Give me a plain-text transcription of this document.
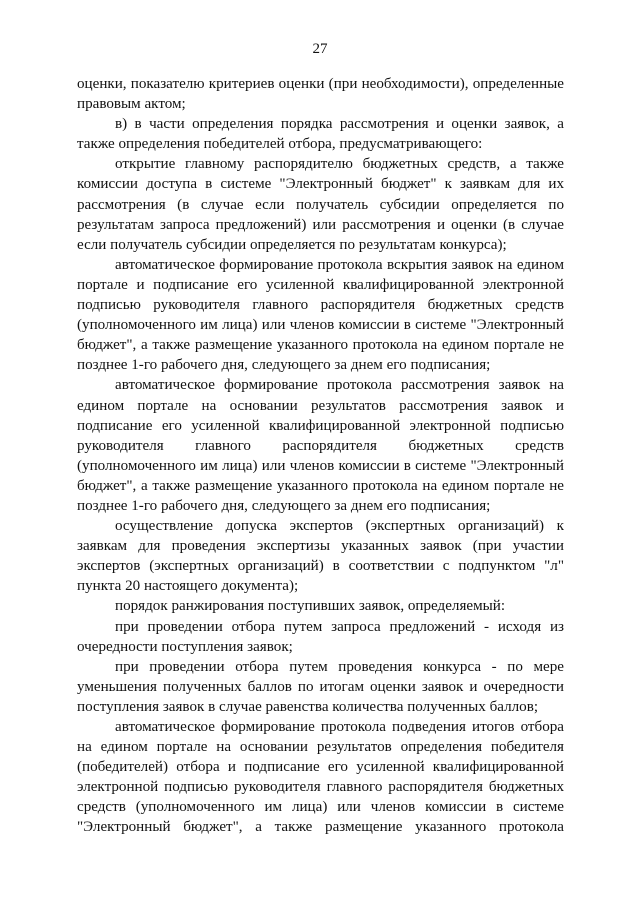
27

оценки, показателю критериев оценки (при необходимости), определенные правовым актом;

в) в части определения порядка рассмотрения и оценки заявок, а также определения победителей отбора, предусматривающего:

открытие главному распорядителю бюджетных средств, а также комиссии доступа в системе "Электронный бюджет" к заявкам для их рассмотрения (в случае если получатель субсидии определяется по результатам запроса предложений) или рассмотрения и оценки (в случае если получатель субсидии определяется по результатам конкурса);

автоматическое формирование протокола вскрытия заявок на едином портале и подписание его усиленной квалифицированной электронной подписью руководителя главного распорядителя бюджетных средств (уполномоченного им лица) или членов комиссии в системе "Электронный бюджет", а также размещение указанного протокола на едином портале не позднее 1-го рабочего дня, следующего за днем его подписания;

автоматическое формирование протокола рассмотрения заявок на едином портале на основании результатов рассмотрения заявок и подписание его усиленной квалифицированной электронной подписью руководителя главного распорядителя бюджетных средств (уполномоченного им лица) или членов комиссии в системе "Электронный бюджет", а также размещение указанного протокола на едином портале не позднее 1-го рабочего дня, следующего за днем его подписания;

осуществление допуска экспертов (экспертных организаций) к заявкам для проведения экспертизы указанных заявок (при участии экспертов (экспертных организаций) в соответствии с подпунктом "л" пункта 20 настоящего документа);

порядок ранжирования поступивших заявок, определяемый:

при проведении отбора путем запроса предложений - исходя из очередности поступления заявок;

при проведении отбора путем проведения конкурса - по мере уменьшения полученных баллов по итогам оценки заявок и очередности поступления заявок в случае равенства количества полученных баллов;

автоматическое формирование протокола подведения итогов отбора на едином портале на основании результатов определения победителя (победителей) отбора и подписание его усиленной квалифицированной электронной подписью руководителя главного распорядителя бюджетных средств (уполномоченного им лица) или членов комиссии в системе "Электронный бюджет", а также размещение указанного протокола
